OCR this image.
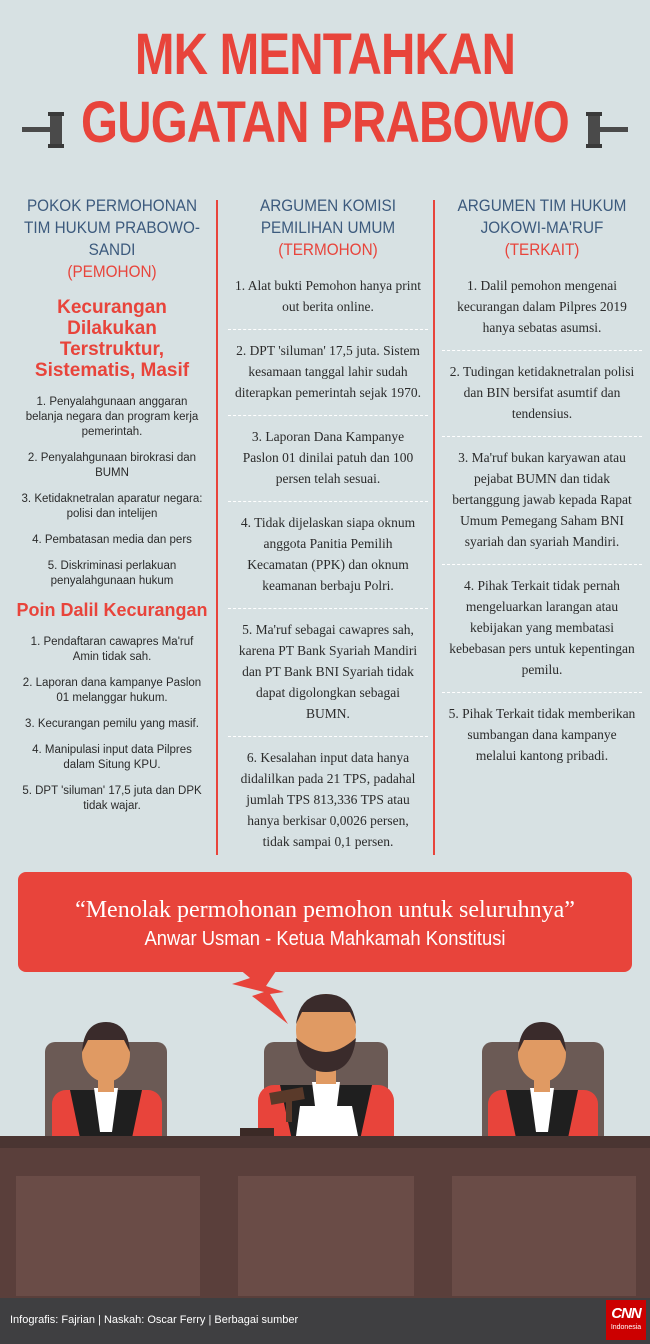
MK MENTAHKAN
GUGATAN PRABOWO
POKOK PERMOHONAN TIM HUKUM PRABOWO-SANDI
(PEMOHON)
Kecurangan Dilakukan Terstruktur, Sistematis, Masif
1. Penyalahgunaan anggaran belanja negara dan program kerja pemerintah.
2. Penyalahgunaan birokrasi dan BUMN
3. Ketidaknetralan aparatur negara: polisi dan intelijen
4. Pembatasan media dan pers
5. Diskriminasi perlakuan penyalahgunaan hukum
Poin Dalil Kecurangan
1. Pendaftaran cawapres Ma'ruf Amin tidak sah.
2. Laporan dana kampanye Paslon 01 melanggar hukum.
3. Kecurangan pemilu yang masif.
4. Manipulasi input data Pilpres dalam Situng KPU.
5. DPT 'siluman' 17,5 juta dan DPK tidak wajar.
ARGUMEN KOMISI PEMILIHAN UMUM
(TERMOHON)
1. Alat bukti Pemohon hanya print out berita online.
2. DPT 'siluman' 17,5 juta. Sistem kesamaan tanggal lahir sudah diterapkan pemerintah sejak 1970.
3. Laporan Dana Kampanye Paslon 01 dinilai patuh dan 100 persen telah sesuai.
4. Tidak dijelaskan siapa oknum anggota Panitia Pemilih Kecamatan (PPK) dan oknum keamanan berbaju Polri.
5. Ma'ruf sebagai cawapres sah, karena PT Bank Syariah Mandiri dan PT Bank BNI Syariah tidak dapat digolongkan sebagai BUMN.
6. Kesalahan input data hanya didalilkan pada 21 TPS, padahal jumlah TPS 813,336 TPS atau hanya berkisar 0,0026 persen, tidak sampai 0,1 persen.
ARGUMEN TIM HUKUM JOKOWI-MA'RUF
(TERKAIT)
1. Dalil pemohon mengenai kecurangan dalam Pilpres 2019 hanya sebatas asumsi.
2. Tudingan ketidaknetralan polisi dan BIN bersifat asumtif dan tendensius.
3. Ma'ruf bukan karyawan atau pejabat BUMN dan tidak bertanggung jawab kepada Rapat Umum Pemegang Saham BNI syariah dan syariah Mandiri.
4. Pihak Terkait tidak pernah mengeluarkan larangan atau kebijakan yang membatasi kebebasan pers untuk kepentingan pemilu.
5. Pihak Terkait tidak memberikan sumbangan dana kampanye melalui kantong pribadi.
“Menolak permohonan pemohon untuk seluruhnya”
Anwar Usman - Ketua Mahkamah Konstitusi
Infografis: Fajrian | Naskah: Oscar Ferry | Berbagai sumber	CNN
Indonesia
